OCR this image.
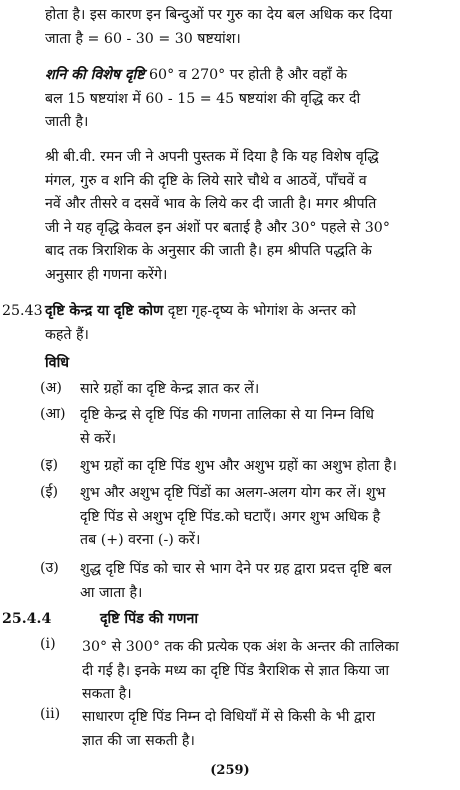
होता है। इस कारण इन बिन्दुओं पर गुरु का देय बल अधिक कर दिया

जाता है = 60 - 30 = 30 षष्टयांश।

शनि की विशेष दृष्टि 60° व 270° पर होती है और वहाँ के

बल 15 षष्टयांश में 60 - 15 = 45 षष्टयांश की वृद्धि कर दी

जाती है।

श्री बी.वी. रमन जी ने अपनी पुस्तक में दिया है कि यह विशेष वृद्धि

मंगल, गुरु व शनि की दृष्टि के लिये सारे चौथे व आठवें, पाँचवें व

नवें और तीसरे व दसवें भाव के लिये कर दी जाती है। मगर श्रीपति

जी ने यह वृद्धि केवल इन अंशों पर बताई है और 30° पहले से 30°

बाद तक त्रिराशिक के अनुसार की जाती है। हम श्रीपति पद्धति के

अनुसार ही गणना करेंगे।

25.43 दृष्टि केन्द्र या दृष्टि कोण दृष्टा गृह-दृष्य के भोगांश के अन्तर को

कहते हैं।

विधि

(अ) सारे ग्रहों का दृष्टि केन्द्र ज्ञात कर लें।

(आ) दृष्टि केन्द्र से दृष्टि पिंड की गणना तालिका से या निम्न विधि

से करें।

(इ) शुभ ग्रहों का दृष्टि पिंड शुभ और अशुभ ग्रहों का अशुभ होता है।

(ई) शुभ और अशुभ दृष्टि पिंडों का अलग-अलग योग कर लें। शुभ

दृष्टि पिंड से अशुभ दृष्टि पिंड.को घटाएँ। अगर शुभ अधिक है

तब (+) वरना (-) करें।

(उ) शुद्ध दृष्टि पिंड को चार से भाग देने पर ग्रह द्वारा प्रदत्त दृष्टि बल

आ जाता है।

25.4.4	दृष्टि पिंड की गणना

(i) 30° से 300° तक की प्रत्येक एक अंश के अन्तर की तालिका

दी गई है। इनके मध्य का दृष्टि पिंड त्रैराशिक से ज्ञात किया जा

सकता है।

(ii) साधारण दृष्टि पिंड निम्न दो विधियाँ में से किसी के भी द्वारा

ज्ञात की जा सकती है।

(259)
